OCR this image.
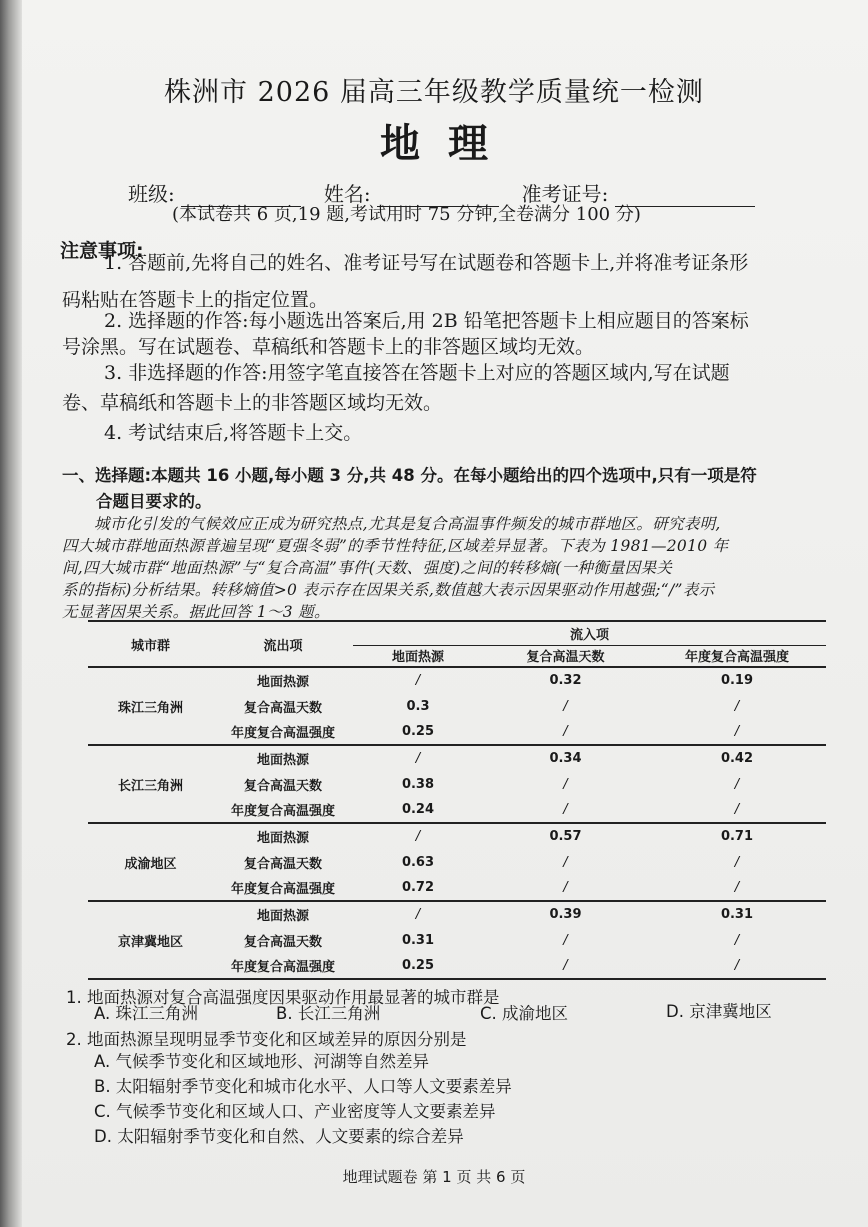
株洲市 2026 届高三年级教学质量统一检测
地理
班级:	姓名:	准考证号:
(本试卷共 6 页,19 题,考试用时 75 分钟,全卷满分 100 分)
注意事项:
1. 答题前,先将自己的姓名、准考证号写在试题卷和答题卡上,并将准考证条形
码粘贴在答题卡上的指定位置。
2. 选择题的作答:每小题选出答案后,用 2B 铅笔把答题卡上相应题目的答案标
号涂黑。写在试题卷、草稿纸和答题卡上的非答题区域均无效。
3. 非选择题的作答:用签字笔直接答在答题卡上对应的答题区域内,写在试题
卷、草稿纸和答题卡上的非答题区域均无效。
4. 考试结束后,将答题卡上交。
一、选择题:本题共 16 小题,每小题 3 分,共 48 分。在每小题给出的四个选项中,只有一项是符
合题目要求的。
城市化引发的气候效应正成为研究热点,尤其是复合高温事件频发的城市群地区。研究表明,
四大城市群地面热源普遍呈现“夏强冬弱”的季节性特征,区域差异显著。下表为 1981—2010 年
间,四大城市群“地面热源”与“复合高温”事件(天数、强度)之间的转移熵(一种衡量因果关
系的指标)分析结果。转移熵值>0 表示存在因果关系,数值越大表示因果驱动作用越强;“/”表示
无显著因果关系。据此回答 1～3 题。
城市群	流出项	流入项		
		地面热源	复合高温天数	年度复合高温强度
珠江三角洲	地面热源	/	0.32	0.19
	复合高温天数	0.3	/	/
	年度复合高温强度	0.25	/	/
长江三角洲	地面热源	/	0.34	0.42
	复合高温天数	0.38	/	/
	年度复合高温强度	0.24	/	/
成渝地区	地面热源	/	0.57	0.71
	复合高温天数	0.63	/	/
	年度复合高温强度	0.72	/	/
京津冀地区	地面热源	/	0.39	0.31
	复合高温天数	0.31	/	/
	年度复合高温强度	0.25	/	/
1. 地面热源对复合高温强度因果驱动作用最显著的城市群是
A. 珠江三角洲	B. 长江三角洲	C. 成渝地区	D. 京津冀地区
2. 地面热源呈现明显季节变化和区域差异的原因分别是
A. 气候季节变化和区域地形、河湖等自然差异
B. 太阳辐射季节变化和城市化水平、人口等人文要素差异
C. 气候季节变化和区域人口、产业密度等人文要素差异
D. 太阳辐射季节变化和自然、人文要素的综合差异
地理试题卷 第 1 页 共 6 页
